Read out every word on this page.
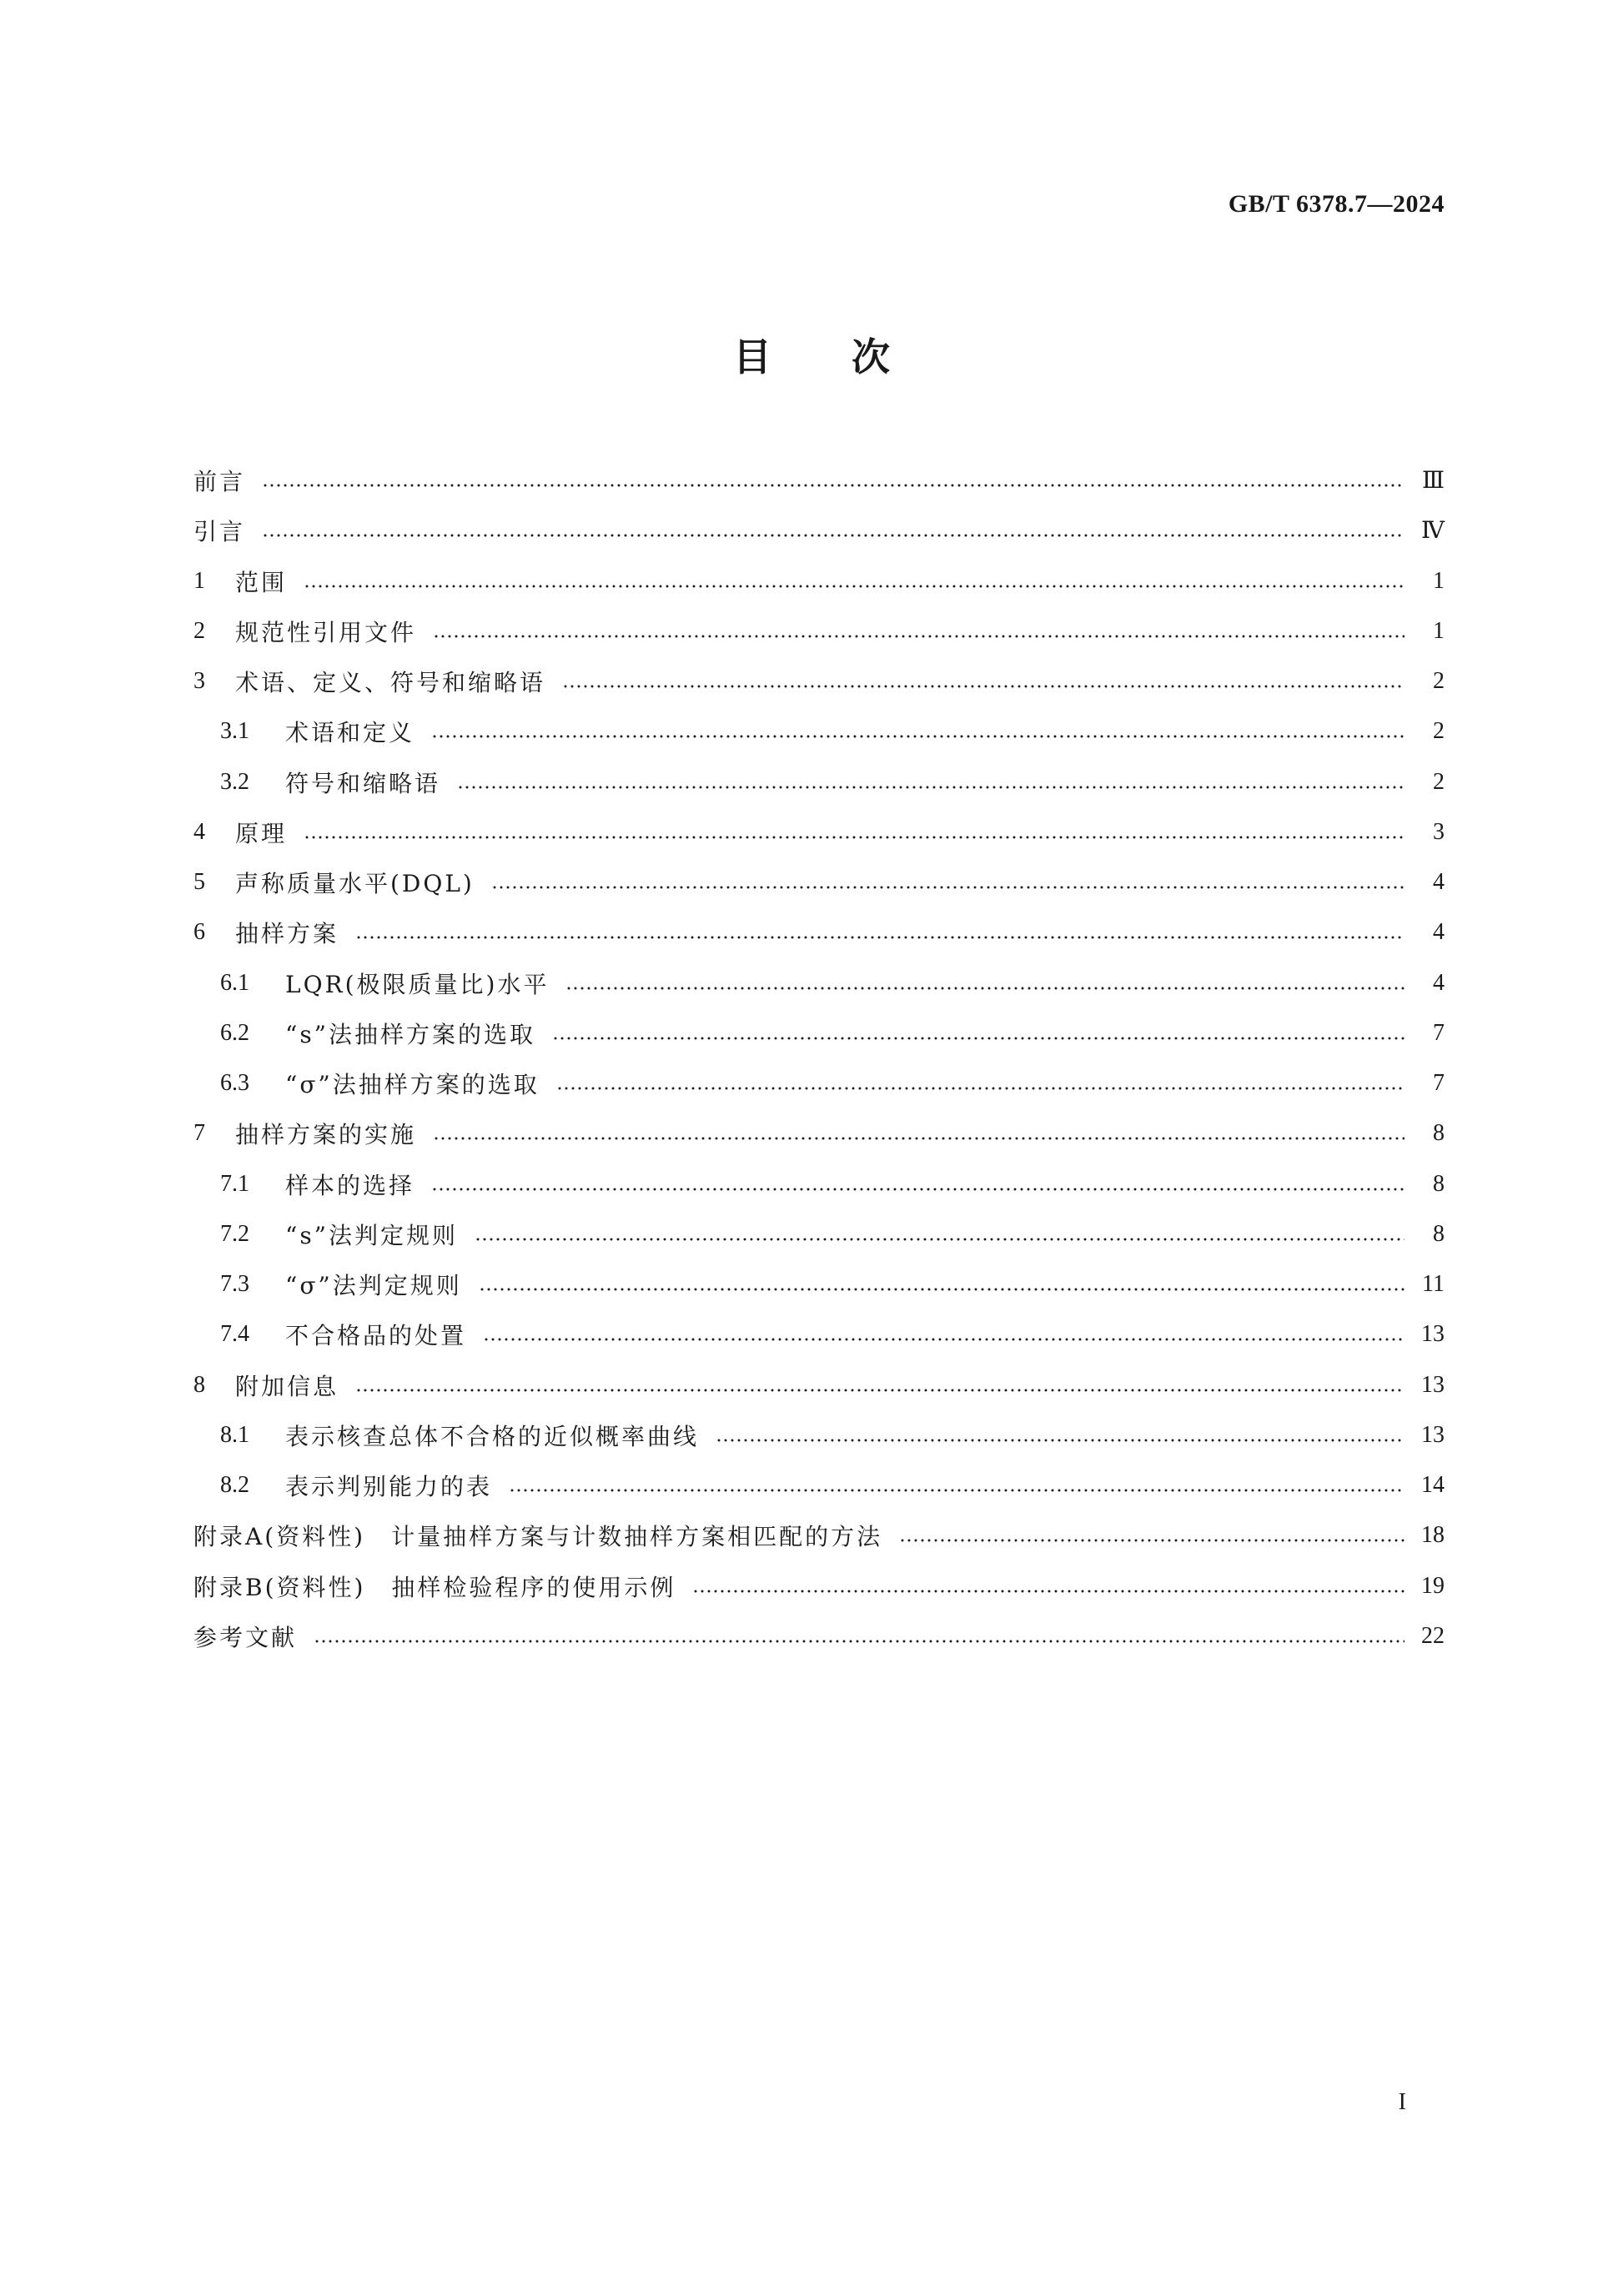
GB/T 6378.7—2024

目次
前言	Ⅲ
引言	Ⅳ
1	范围	1
2	规范性引用文件	1
3	术语、定义、符号和缩略语	2
3.1	术语和定义	2
3.2	符号和缩略语	2
4	原理	3
5	声称质量水平(DQL)	4
6	抽样方案	4
6.1	LQR(极限质量比)水平	4
6.2	“s”法抽样方案的选取	7
6.3	“σ”法抽样方案的选取	7
7	抽样方案的实施	8
7.1	样本的选择	8
7.2	“s”法判定规则	8
7.3	“σ”法判定规则	11
7.4	不合格品的处置	13
8	附加信息	13
8.1	表示核查总体不合格的近似概率曲线	13
8.2	表示判别能力的表	14
附录A(资料性)　计量抽样方案与计数抽样方案相匹配的方法	18
附录B(资料性)　抽样检验程序的使用示例	19
参考文献	22

I
